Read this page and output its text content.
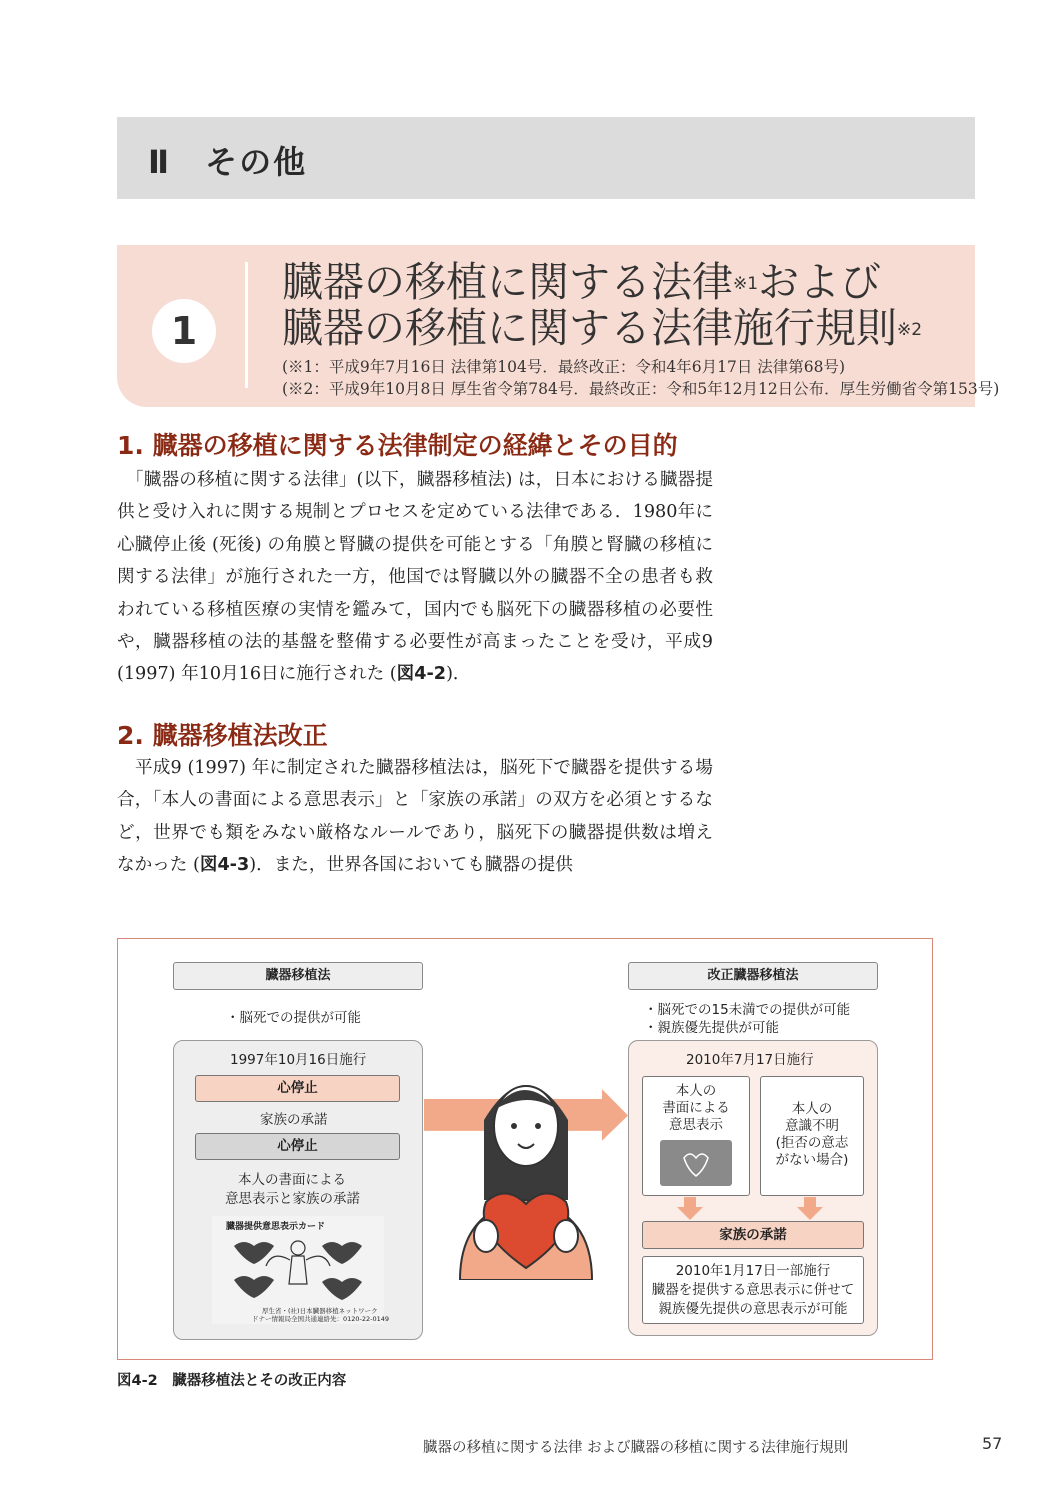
Ⅱ　その他
1
臓器の移植に関する法律$^{※1}$および
臓器の移植に関する法律施行規則$^{※2}$
(※1：平成9年7月16日 法律第104号．最終改正：令和4年6月17日 法律第68号)
(※2：平成9年10月8日 厚生省令第784号．最終改正：令和5年12月12日公布．厚生労働省令第153号)
1. 臓器の移植に関する法律制定の経緯とその目的
「臓器の移植に関する法律」(以下，臓器移植法) は，日本における臓器提供と受け入れに関する規制とプロセスを定めている法律である．1980年に心臓停止後 (死後) の角膜と腎臓の提供を可能とする「角膜と腎臓の移植に関する法律」が施行された一方，他国では腎臓以外の臓器不全の患者も救われている移植医療の実情を鑑みて，国内でも脳死下の臓器移植の必要性や，臓器移植の法的基盤を整備する必要性が高まったことを受け，平成9 (1997) 年10月16日に施行された (図4-2)．
2. 臓器移植法改正
平成9 (1997) 年に制定された臓器移植法は，脳死下で臓器を提供する場合，「本人の書面による意思表示」と「家族の承諾」の双方を必須とするなど，世界でも類をみない厳格なルールであり，脳死下の臓器提供数は増えなかった (図4-3)．また，世界各国においても臓器の提供
臓器移植法
・脳死での提供が可能
1997年10月16日施行
心停止
家族の承諾
心停止
本人の書面による
意思表示と家族の承諾
臓器提供意思表示カード
厚生省・(社)日本臓器移植ネットワーク
ドナー情報局全国共通連絡先：0120-22-0149
改正臓器移植法
・脳死での15未満での提供が可能
・親族優先提供が可能
2010年7月17日施行
本人の
書面による
意思表示
本人の
意識不明
(拒否の意志
がない場合)
家族の承諾
2010年1月17日一部施行
臓器を提供する意思表示に併せて
親族優先提供の意思表示が可能
図4-2　臓器移植法とその改正内容
臓器の移植に関する法律 および臓器の移植に関する法律施行規則	57
